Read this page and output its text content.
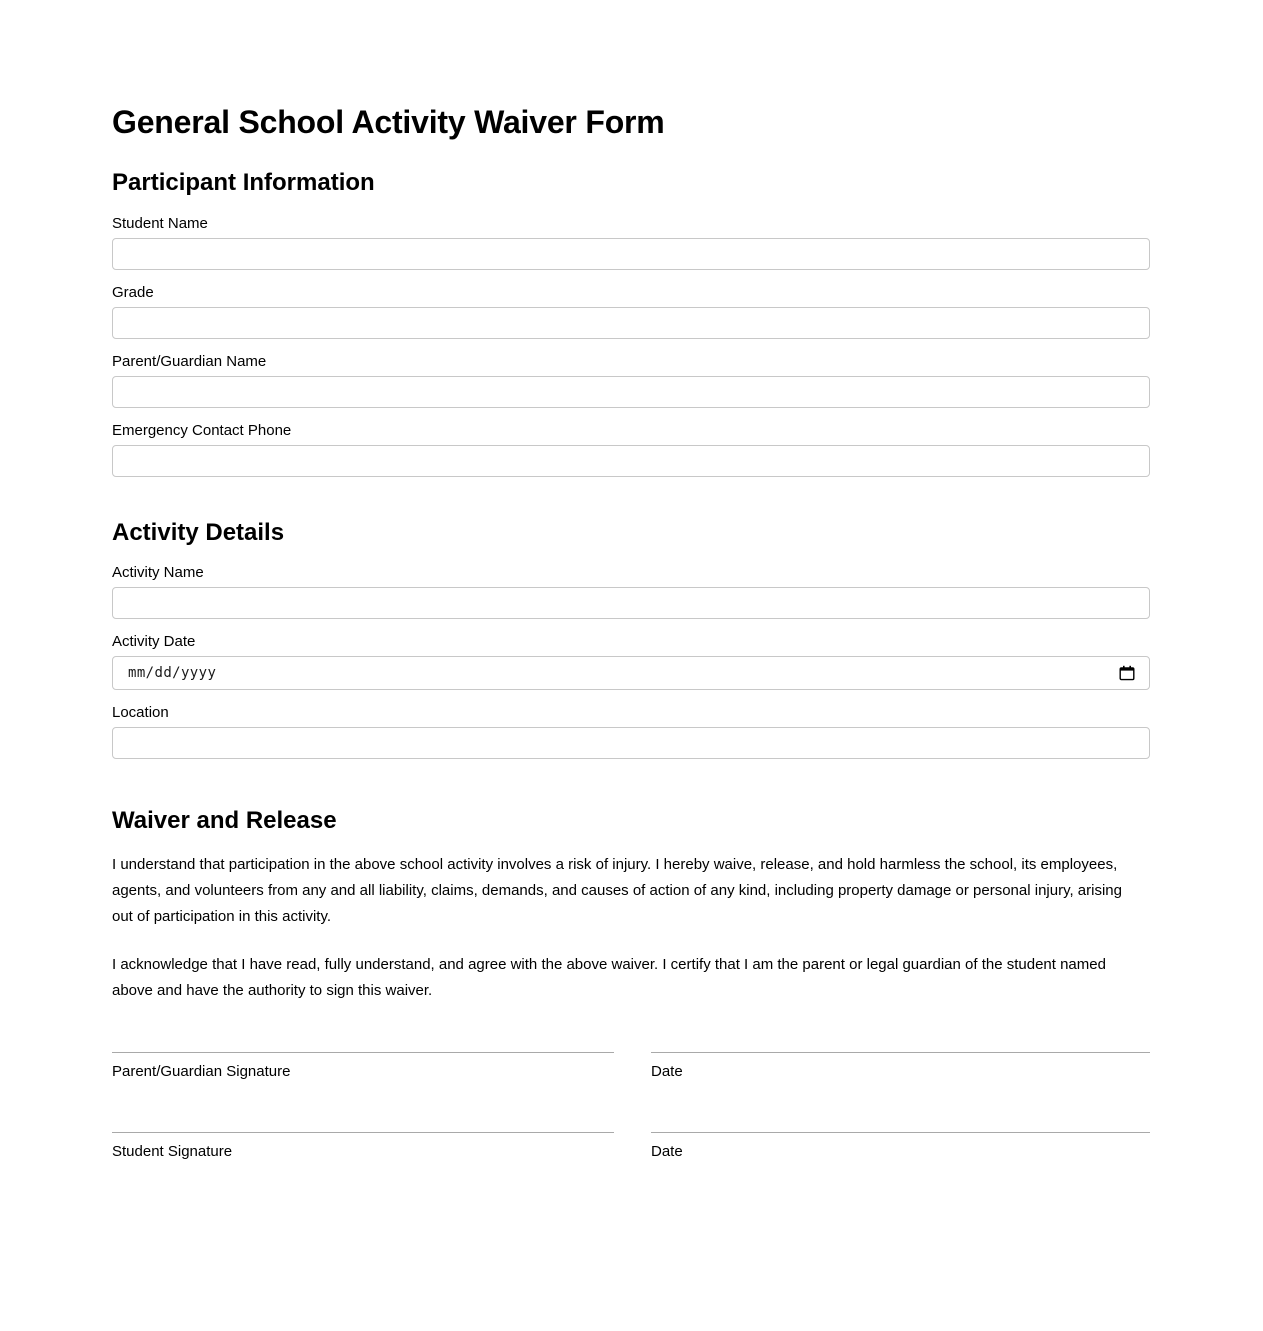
General School Activity Waiver Form
Participant Information
Student Name
Grade
Parent/Guardian Name
Emergency Contact Phone
Activity Details
Activity Name
Activity Date
mm/dd/yyyy
Location
Waiver and Release

I understand that participation in the above school activity involves a risk of injury. I hereby waive, release, and hold harmless the school, its employees, agents, and volunteers from any and all liability, claims, demands, and causes of action of any kind, including property damage or personal injury, arising out of participation in this activity.

I acknowledge that I have read, fully understand, and agree with the above waiver. I certify that I am the parent or legal guardian of the student named above and have the authority to sign this waiver.

Parent/Guardian Signature	Date
Student Signature	Date
